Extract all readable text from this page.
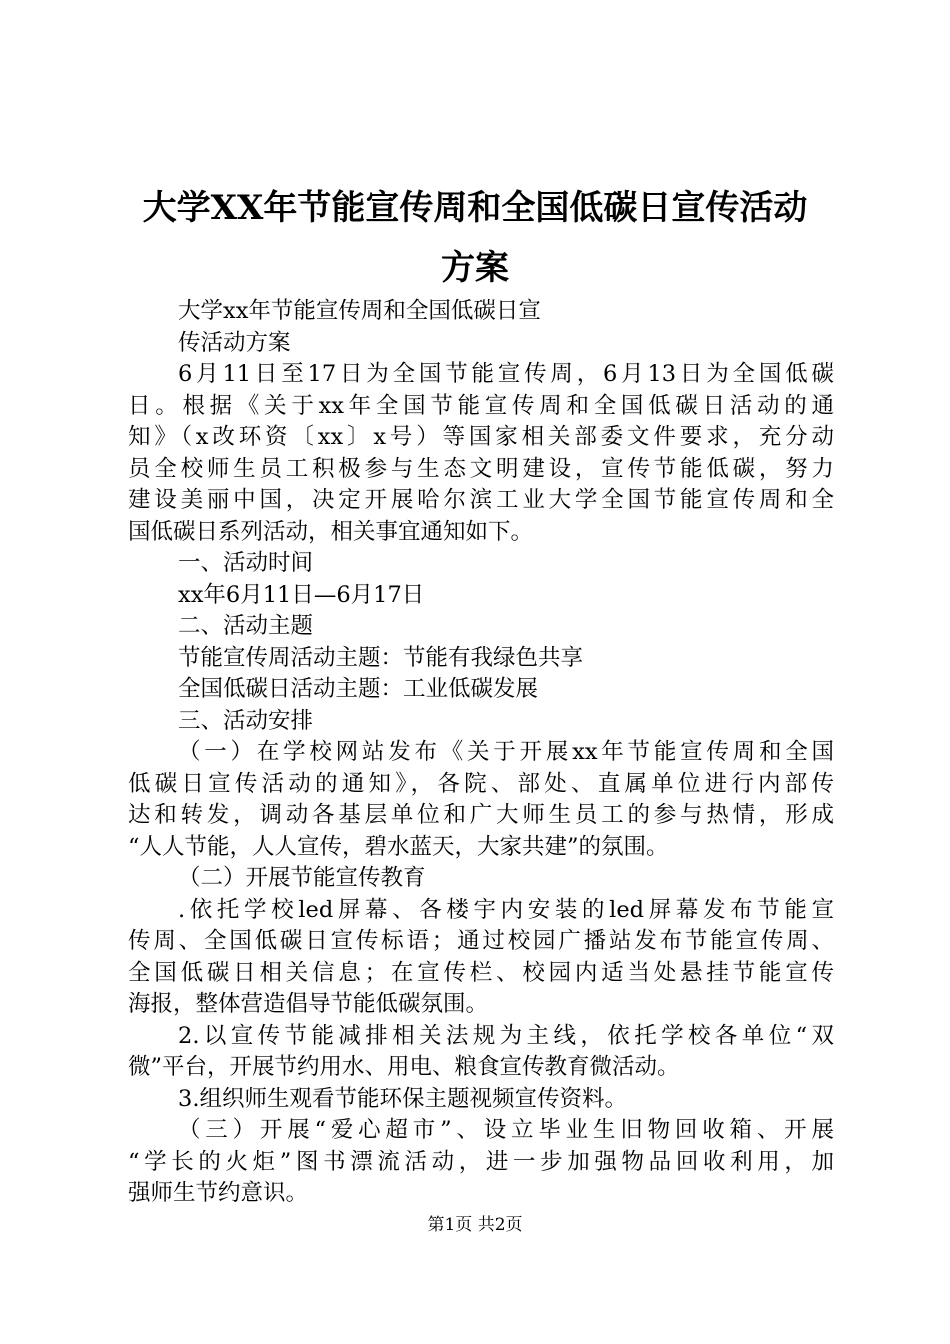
大学XX年节能宣传周和全国低碳日宣传活动
方案
大学xx年节能宣传周和全国低碳日宣
传活动方案
6月11日至17日为全国节能宣传周，6月13日为全国低碳
日。根据《关于xx年全国节能宣传周和全国低碳日活动的通
知》（x改环资〔xx〕x号）等国家相关部委文件要求，充分动
员全校师生员工积极参与生态文明建设，宣传节能低碳，努力
建设美丽中国，决定开展哈尔滨工业大学全国节能宣传周和全
国低碳日系列活动，相关事宜通知如下。
一、活动时间
xx年6月11日—6月17日
二、活动主题
节能宣传周活动主题：节能有我绿色共享
全国低碳日活动主题：工业低碳发展
三、活动安排
（一）在学校网站发布《关于开展xx年节能宣传周和全国
低碳日宣传活动的通知》，各院、部处、直属单位进行内部传
达和转发，调动各基层单位和广大师生员工的参与热情，形成
“人人节能，人人宣传，碧水蓝天，大家共建”的氛围。
（二）开展节能宣传教育
.依托学校led屏幕、各楼宇内安装的led屏幕发布节能宣
传周、全国低碳日宣传标语；通过校园广播站发布节能宣传周、
全国低碳日相关信息；在宣传栏、校园内适当处悬挂节能宣传
海报，整体营造倡导节能低碳氛围。
2.以宣传节能减排相关法规为主线，依托学校各单位“双
微”平台，开展节约用水、用电、粮食宣传教育微活动。
3.组织师生观看节能环保主题视频宣传资料。
（三）开展“爱心超市”、设立毕业生旧物回收箱、开展
“学长的火炬”图书漂流活动，进一步加强物品回收利用，加
强师生节约意识。
第1页 共2页
